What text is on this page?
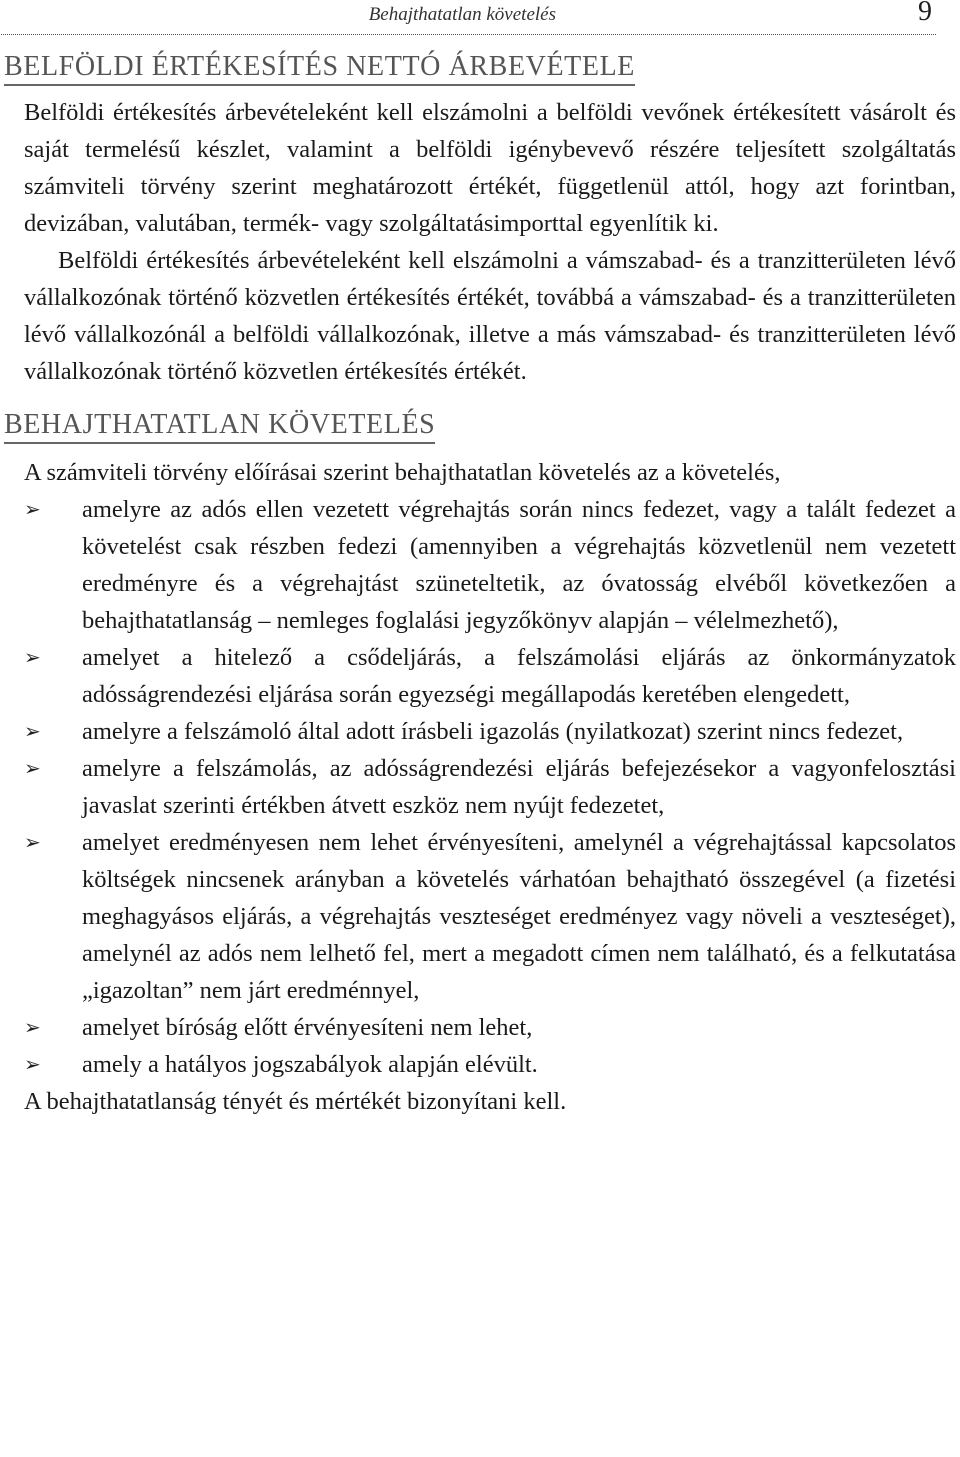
Behajthatatlan követelés	9
BELFÖLDI ÉRTÉKESÍTÉS NETTÓ ÁRBEVÉTELE

Belföldi értékesítés árbevételeként kell elszámolni a belföldi vevőnek értékesített vásárolt és saját termelésű készlet, valamint a belföldi igénybevevő részére teljesített szolgáltatás számviteli törvény szerint meghatározott értékét, függetlenül attól, hogy azt forintban, devizában, valutában, termék- vagy szolgáltatásimporttal egyenlítik ki.

Belföldi értékesítés árbevételeként kell elszámolni a vámszabad- és a tranzitterületen lévő vállalkozónak történő közvetlen értékesítés értékét, továbbá a vámszabad- és a tranzitterületen lévő vállalkozónál a belföldi vállalkozónak, illetve a más vámszabad- és tranzitterületen lévő vállalkozónak történő közvetlen értékesítés értékét.

BEHAJTHATATLAN KÖVETELÉS

A számviteli törvény előírásai szerint behajthatatlan követelés az a követelés,

➢ amelyre az adós ellen vezetett végrehajtás során nincs fedezet, vagy a talált fedezet a követelést csak részben fedezi (amennyiben a végrehajtás közvetlenül nem vezetett eredményre és a végrehajtást szüneteltetik, az óvatosság elvéből következően a behajthatatlanság – nemleges foglalási jegyzőkönyv alapján – vélelmezhető),
➢ amelyet a hitelező a csődeljárás, a felszámolási eljárás az önkormányzatok adósságrendezési eljárása során egyezségi megállapodás keretében elengedett,
➢ amelyre a felszámoló által adott írásbeli igazolás (nyilatkozat) szerint nincs fedezet,
➢ amelyre a felszámolás, az adósságrendezési eljárás befejezésekor a vagyonfelosztási javaslat szerinti értékben átvett eszköz nem nyújt fedezetet,
➢ amelyet eredményesen nem lehet érvényesíteni, amelynél a végrehajtással kapcsolatos költségek nincsenek arányban a követelés várhatóan behajtható összegével (a fizetési meghagyásos eljárás, a végrehajtás veszteséget eredményez vagy növeli a veszteséget), amelynél az adós nem lelhető fel, mert a megadott címen nem található, és a felkutatása „igazoltan” nem járt eredménnyel,
➢ amelyet bíróság előtt érvényesíteni nem lehet,
➢ amely a hatályos jogszabályok alapján elévült.

A behajthatatlanság tényét és mértékét bizonyítani kell.
